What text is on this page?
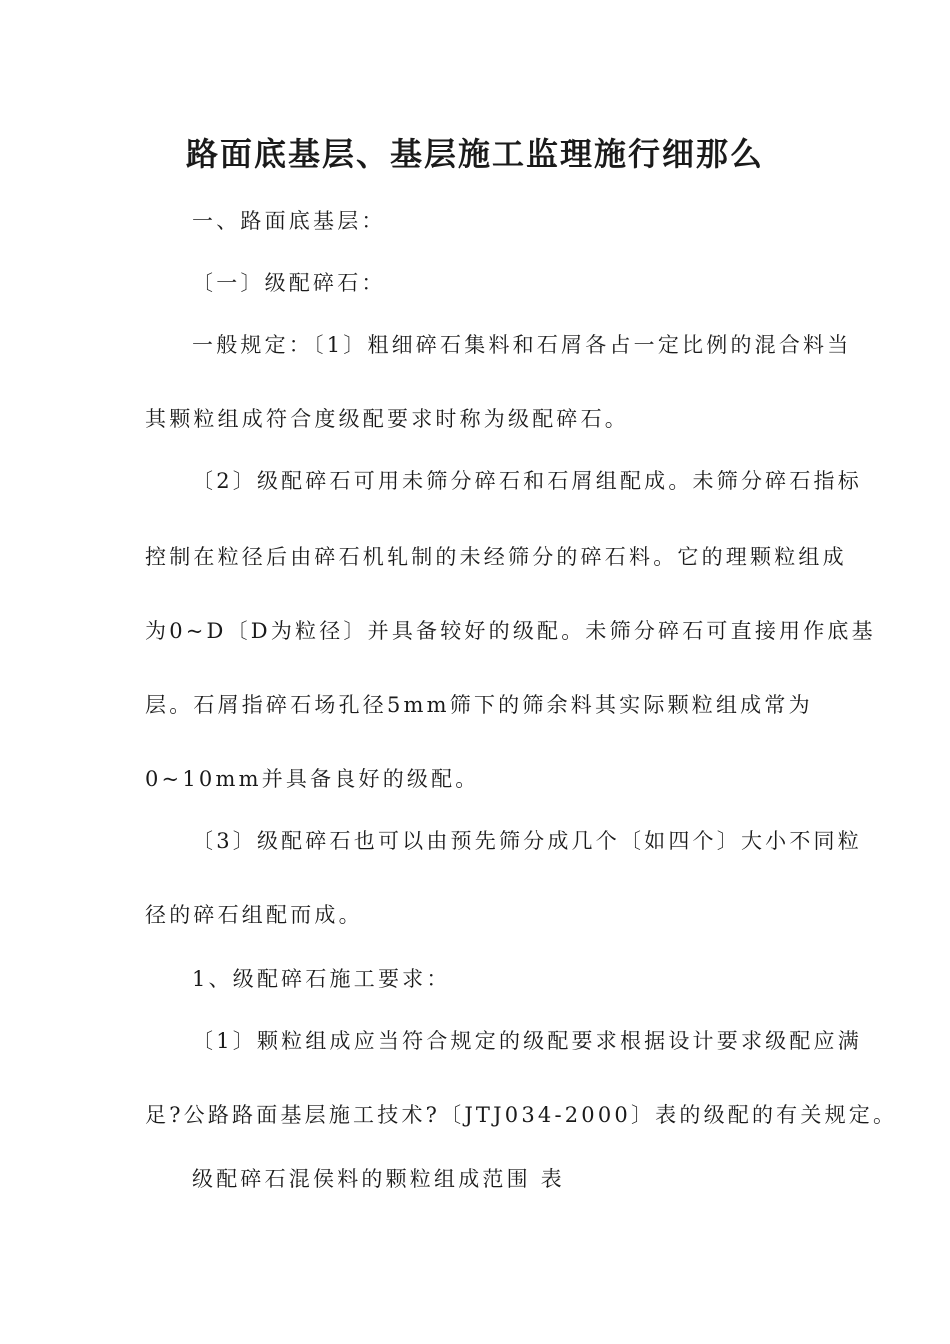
路面底基层、基层施工监理施行细那么

一、路面底基层：

〔一〕级配碎石：

一般规定：〔1〕粗细碎石集料和石屑各占一定比例的混合料当

其颗粒组成符合度级配要求时称为级配碎石。

〔2〕级配碎石可用未筛分碎石和石屑组配成。未筛分碎石指标

控制在粒径后由碎石机轧制的未经筛分的碎石料。它的理颗粒组成

为0~D〔D为粒径〕并具备较好的级配。未筛分碎石可直接用作底基

层。石屑指碎石场孔径5mm筛下的筛余料其实际颗粒组成常为

0~10mm并具备良好的级配。

〔3〕级配碎石也可以由预先筛分成几个〔如四个〕大小不同粒

径的碎石组配而成。

1、级配碎石施工要求：

〔1〕颗粒组成应当符合规定的级配要求根据设计要求级配应满

足?公路路面基层施工技术?〔JTJ034-2000〕表的级配的有关规定。

级配碎石混侯料的颗粒组成范围 表
